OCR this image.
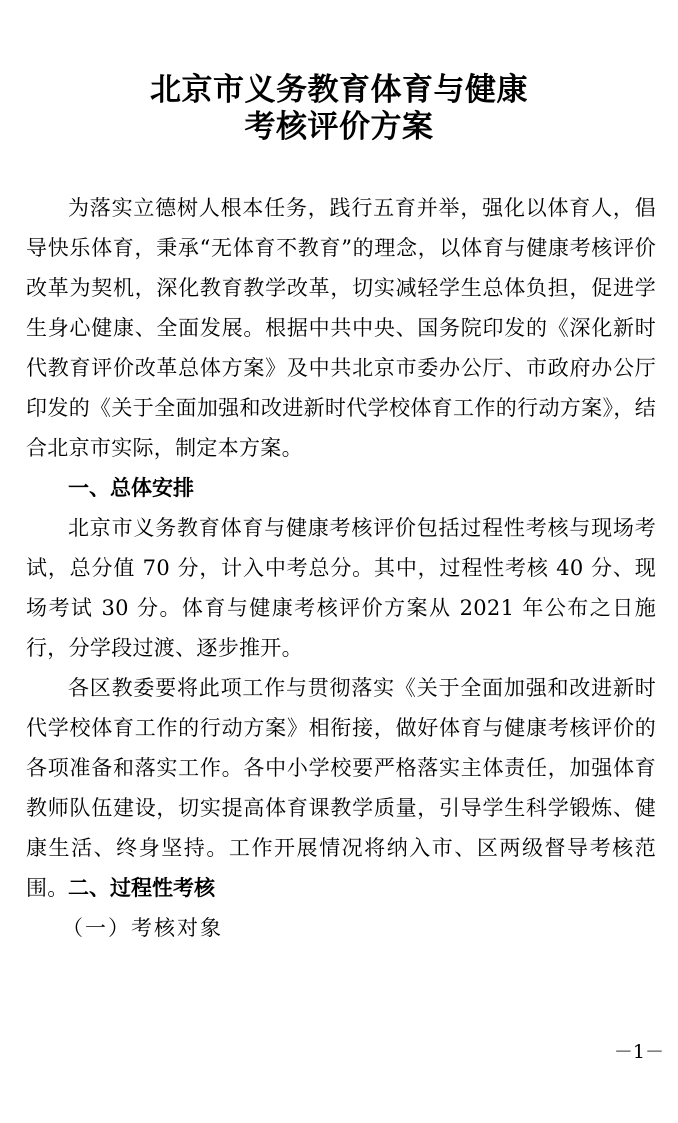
北京市义务教育体育与健康
考核评价方案

为落实立德树人根本任务，践行五育并举，强化以体育人，倡导快乐体育，秉承“无体育不教育”的理念，以体育与健康考核评价改革为契机，深化教育教学改革，切实减轻学生总体负担，促进学生身心健康、全面发展。根据中共中央、国务院印发的《深化新时代教育评价改革总体方案》及中共北京市委办公厅、市政府办公厅印发的《关于全面加强和改进新时代学校体育工作的行动方案》，结合北京市实际，制定本方案。

一、总体安排

北京市义务教育体育与健康考核评价包括过程性考核与现场考试，总分值 70 分，计入中考总分。其中，过程性考核 40 分、现场考试 30 分。体育与健康考核评价方案从 2021 年公布之日施行，分学段过渡、逐步推开。

各区教委要将此项工作与贯彻落实《关于全面加强和改进新时代学校体育工作的行动方案》相衔接，做好体育与健康考核评价的各项准备和落实工作。各中小学校要严格落实主体责任，加强体育教师队伍建设，切实提高体育课教学质量，引导学生科学锻炼、健康生活、终身坚持。工作开展情况将纳入市、区两级督导考核范围。 二、过程性考核

（一）考核对象

－1－
